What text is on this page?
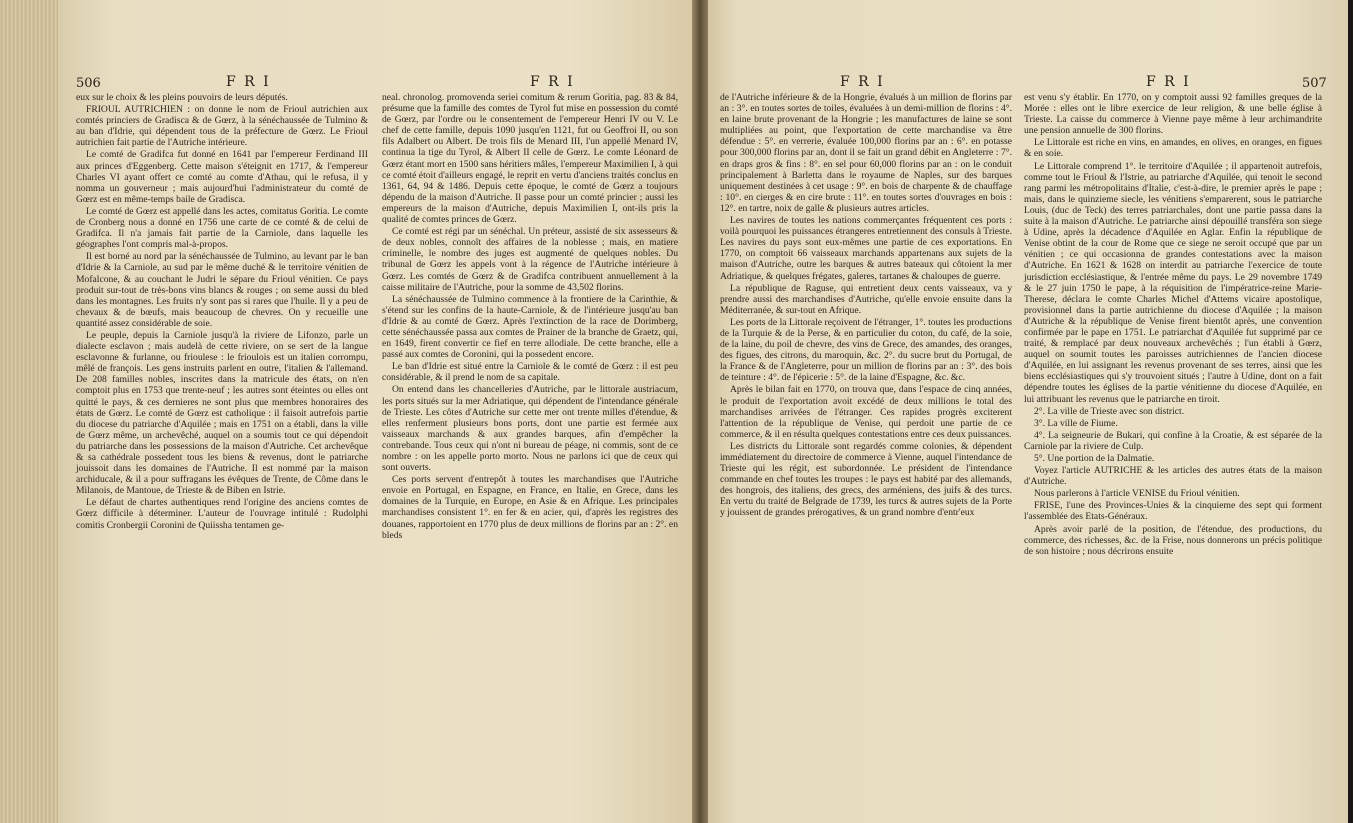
506	F R I	F R I

eux sur le choix & les pleins pouvoirs de leurs députés.

FRIOUL AUTRICHIEN : on donne le nom de Frioul autrichien aux comtés princiers de Gradisca & de Gœrz, à la sénéchaussée de Tulmino & au ban d'Idrie, qui dépendent tous de la préfecture de Gœrz. Le Frioul autrichien fait partie de l'Autriche intérieure.

Le comté de Gradifca fut donné en 1641 par l'empereur Ferdinand III aux princes d'Eggenberg. Cette maison s'éteignit en 1717, & l'empereur Charles VI ayant offert ce comté au comte d'Athau, qui le refusa, il y nomma un gouverneur ; mais aujourd'hui l'administrateur du comté de Gœrz est en même-temps baile de Gradisca.

Le comté de Gœrz est appellé dans les actes, comitatus Goritia. Le comte de Cronberg nous a donné en 1756 une carte de ce comté & de celui de Gradifca. Il n'a jamais fait partie de la Carniole, dans laquelle les géographes l'ont compris mal-à-propos.

Il est borné au nord par la sénéchaussée de Tulmino, au levant par le ban d'Idrie & la Carniole, au sud par le même duché & le territoire vénitien de Mofalcone, & au couchant le Judri le sépare du Frioul vénitien. Ce pays produit sur-tout de très-bons vins blancs & rouges ; on seme aussi du bled dans les montagnes. Les fruits n'y sont pas si rares que l'huile. Il y a peu de chevaux & de bœufs, mais beaucoup de chevres. On y recueille une quantité assez considérable de soie.

Le peuple, depuis la Carniole jusqu'à la riviere de Lifonzo, parle un dialecte esclavon ; mais audelà de cette riviere, on se sert de la langue esclavonne & furlanne, ou frioulese : le frioulois est un italien corrompu, mêlé de françois. Les gens instruits parlent en outre, l'italien & l'allemand. De 208 familles nobles, inscrites dans la matricule des états, on n'en comptoit plus en 1753 que trente-neuf ; les autres sont éteintes ou elles ont quitté le pays, & ces dernieres ne sont plus que membres honoraires des états de Gœrz. Le comté de Gœrz est catholique : il faisoit autrefois partie du diocese du patriarche d'Aquilée ; mais en 1751 on a établi, dans la ville de Gœrz même, un archevêché, auquel on a soumis tout ce qui dépendoit du patriarche dans les possessions de la maison d'Autriche. Cet archevêque & sa cathédrale possedent tous les biens & revenus, dont le patriarche jouissoit dans les domaines de l'Autriche. Il est nommé par la maison archiducale, & il a pour suffragans les évêques de Trente, de Côme dans le Milanois, de Mantoue, de Trieste & de Biben en Istrie.

Le défaut de chartes authentiques rend l'origine des anciens comtes de Gœrz difficile à déterminer. L'auteur de l'ouvrage intitulé : Rudolphi comitis Cronbergii Coronini de Quiissha tentamen ge-

neal. chronolog. promovenda seriei comitum & rerum Goritia, pag. 83 & 84, présume que la famille des comtes de Tyrol fut mise en possession du comté de Gœrz, par l'ordre ou le consentement de l'empereur Henri IV ou V. Le chef de cette famille, depuis 1090 jusqu'en 1121, fut ou Geoffroi II, ou son fils Adalbert ou Albert. De trois fils de Menard III, l'un appellé Menard IV, continua la tige du Tyrol, & Albert II celle de Gœrz. Le comte Léonard de Gœrz étant mort en 1500 sans héritiers mâles, l'empereur Maximilien I, à qui ce comté étoit d'ailleurs engagé, le reprit en vertu d'anciens traités conclus en 1361, 64, 94 & 1486. Depuis cette époque, le comté de Gœrz a toujours dépendu de la maison d'Autriche. Il passe pour un comté princier ; aussi les empereurs de la maison d'Autriche, depuis Maximilien I, ont-ils pris la qualité de comtes princes de Gœrz.

Ce comté est régi par un sénéchal. Un préteur, assisté de six assesseurs & de deux nobles, connoît des affaires de la noblesse ; mais, en matiere criminelle, le nombre des juges est augmenté de quelques nobles. Du tribunal de Gœrz les appels vont à la régence de l'Autriche intérieure à Gœrz. Les comtés de Gœrz & de Gradifca contribuent annuellement à la caisse militaire de l'Autriche, pour la somme de 43,502 florins.

La sénéchaussée de Tulmino commence à la frontiere de la Carinthie, & s'étend sur les confins de la haute-Carniole, & de l'intérieure jusqu'au ban d'Idrie & au comté de Gœrz. Après l'extinction de la race de Dorimberg, cette sénéchaussée passa aux comtes de Prainer de la branche de Graetz, qui, en 1649, firent convertir ce fief en terre allodiale. De cette branche, elle a passé aux comtes de Coronini, qui la possedent encore.

Le ban d'Idrie est situé entre la Carniole & le comté de Gœrz : il est peu considérable, & il prend le nom de sa capitale.

On entend dans les chancelleries d'Autriche, par le littorale austriacum, les ports situés sur la mer Adriatique, qui dépendent de l'intendance générale de Trieste. Les côtes d'Autriche sur cette mer ont trente milles d'étendue, & elles renferment plusieurs bons ports, dont une partie est fermée aux vaisseaux marchands & aux grandes barques, afin d'empêcher la contrebande. Tous ceux qui n'ont ni bureau de péage, ni commis, sont de ce nombre : on les appelle porto morto. Nous ne parlons ici que de ceux qui sont ouverts.

Ces ports servent d'entrepôt à toutes les marchandises que l'Autriche envoie en Portugal, en Espagne, en France, en Italie, en Grece, dans les domaines de la Turquie, en Europe, en Asie & en Afrique. Les principales marchandises consistent 1°. en fer & en acier, qui, d'après les registres des douanes, rapportoient en 1770 plus de deux millions de florins par an : 2°. en bleds

F R I	F R I	507

de l'Autriche inférieure & de la Hongrie, évalués à un million de florins par an : 3°. en toutes sortes de toiles, évaluées à un demi-million de florins : 4°. en laine brute provenant de la Hongrie ; les manufactures de laine se sont multipliées au point, que l'exportation de cette marchandise va être défendue : 5°. en verrerie, évaluée 100,000 florins par an : 6°. en potasse pour 300,000 florins par an, dont il se fait un grand débit en Angleterre : 7°. en draps gros & fins : 8°. en sel pour 60,000 florins par an : on le conduit principalement à Barletta dans le royaume de Naples, sur des barques uniquement destinées à cet usage : 9°. en bois de charpente & de chauffage : 10°. en cierges & en cire brute : 11°. en toutes sortes d'ouvrages en bois : 12°. en tartre, noix de galle & plusieurs autres articles.

Les navires de toutes les nations commerçantes fréquentent ces ports : voilà pourquoi les puissances étrangeres entretiennent des consuls à Trieste. Les navires du pays sont eux-mêmes une partie de ces exportations. En 1770, on comptoit 66 vaisseaux marchands appartenans aux sujets de la maison d'Autriche, outre les barques & autres bateaux qui côtoient la mer Adriatique, & quelques frégates, galeres, tartanes & chaloupes de guerre.

La république de Raguse, qui entretient deux cents vaisseaux, va y prendre aussi des marchandises d'Autriche, qu'elle envoie ensuite dans la Méditerranée, & sur-tout en Afrique.

Les ports de la Littorale reçoivent de l'étranger, 1°. toutes les productions de la Turquie & de la Perse, & en particulier du coton, du café, de la soie, de la laine, du poil de chevre, des vins de Grece, des amandes, des oranges, des figues, des citrons, du maroquin, &c. 2°. du sucre brut du Portugal, de la France & de l'Angleterre, pour un million de florins par an : 3°. des bois de teinture : 4°. de l'épicerie : 5°. de la laine d'Espagne, &c. &c.

Après le bilan fait en 1770, on trouva que, dans l'espace de cinq années, le produit de l'exportation avoit excédé de deux millions le total des marchandises arrivées de l'étranger. Ces rapides progrès exciterent l'attention de la république de Venise, qui perdoit une partie de ce commerce, & il en résulta quelques contestations entre ces deux puissances.

Les districts du Littorale sont regardés comme colonies, & dépendent immédiatement du directoire de commerce à Vienne, auquel l'intendance de Trieste qui les régit, est subordonnée. Le président de l'intendance commande en chef toutes les troupes : le pays est habité par des allemands, des hongrois, des italiens, des grecs, des arméniens, des juifs & des turcs. En vertu du traité de Belgrade de 1739, les turcs & autres sujets de la Porte y jouissent de grandes prérogatives, & un grand nombre d'entr'eux

est venu s'y établir. En 1770, on y comptoit aussi 92 familles greques de la Morée : elles ont le libre exercice de leur religion, & une belle église à Trieste. La caisse du commerce à Vienne paye même à leur archimandrite une pension annuelle de 300 florins.

Le Littorale est riche en vins, en amandes, en olives, en oranges, en figues & en soie.

Le Littorale comprend 1°. le territoire d'Aquilée ; il appartenoit autrefois, comme tout le Frioul & l'Istrie, au patriarche d'Aquilée, qui tenoit le second rang parmi les métropolitains d'Italie, c'est-à-dire, le premier après le pape ; mais, dans le quinzieme siecle, les vénitiens s'emparerent, sous le patriarche Louis, (duc de Teck) des terres patriarchales, dont une partie passa dans la suite à la maison d'Autriche. Le patriarche ainsi dépouillé transféra son siege à Udine, après la décadence d'Aquilée en Aglar. Enfin la république de Venise obtint de la cour de Rome que ce siege ne seroit occupé que par un vénitien ; ce qui occasionna de grandes contestations avec la maison d'Autriche. En 1621 & 1628 on interdit au patriarche l'exercice de toute jurisdiction ecclésiastique, & l'entrée même du pays. Le 29 novembre 1749 & le 27 juin 1750 le pape, à la réquisition de l'impératrice-reine Marie-Therese, déclara le comte Charles Michel d'Attems vicaire apostolique, provisionnel dans la partie autrichienne du diocese d'Aquilée ; la maison d'Autriche & la république de Venise firent bientôt après, une convention confirmée par le pape en 1751. Le patriarchat d'Aquilée fut supprimé par ce traité, & remplacé par deux nouveaux archevêchés ; l'un établi à Gœrz, auquel on soumit toutes les paroisses autrichiennes de l'ancien diocese d'Aquilée, en lui assignant les revenus provenant de ses terres, ainsi que les biens ecclésiastiques qui s'y trouvoient situés ; l'autre à Udine, dont on a fait dépendre toutes les églises de la partie vénitienne du diocese d'Aquilée, en lui attribuant les revenus que le patriarche en tiroit.

2°. La ville de Trieste avec son district.

3°. La ville de Fiume.

4°. La seigneurie de Bukari, qui confine à la Croatie, & est séparée de la Carniole par la riviere de Culp.

5°. Une portion de la Dalmatie.

Voyez l'article AUTRICHE & les articles des autres états de la maison d'Autriche.

Nous parlerons à l'article VENISE du Frioul vénitien.

FRISE, l'une des Provinces-Unies & la cinquieme des sept qui forment l'assemblée des Etats-Généraux.

Après avoir parlé de la position, de l'étendue, des productions, du commerce, des richesses, &c. de la Frise, nous donnerons un précis politique de son histoire ; nous décrirons ensuite
